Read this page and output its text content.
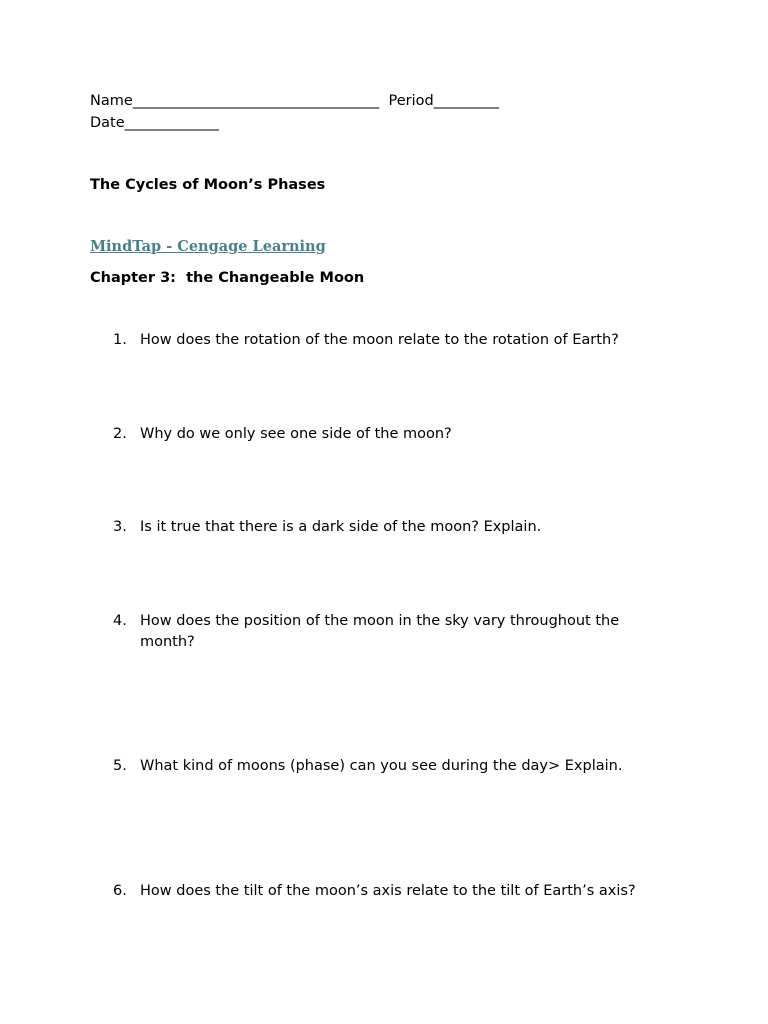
Name__________________________________  Period_________
Date_____________
The Cycles of Moon’s Phases
MindTap - Cengage Learning
Chapter 3:  the Changeable Moon
1. How does the rotation of the moon relate to the rotation of Earth?
2. Why do we only see one side of the moon?
3. Is it true that there is a dark side of the moon? Explain.
4. How does the position of the moon in the sky vary throughout the month?
5. What kind of moons (phase) can you see during the day> Explain.
6. How does the tilt of the moon’s axis relate to the tilt of Earth’s axis?
